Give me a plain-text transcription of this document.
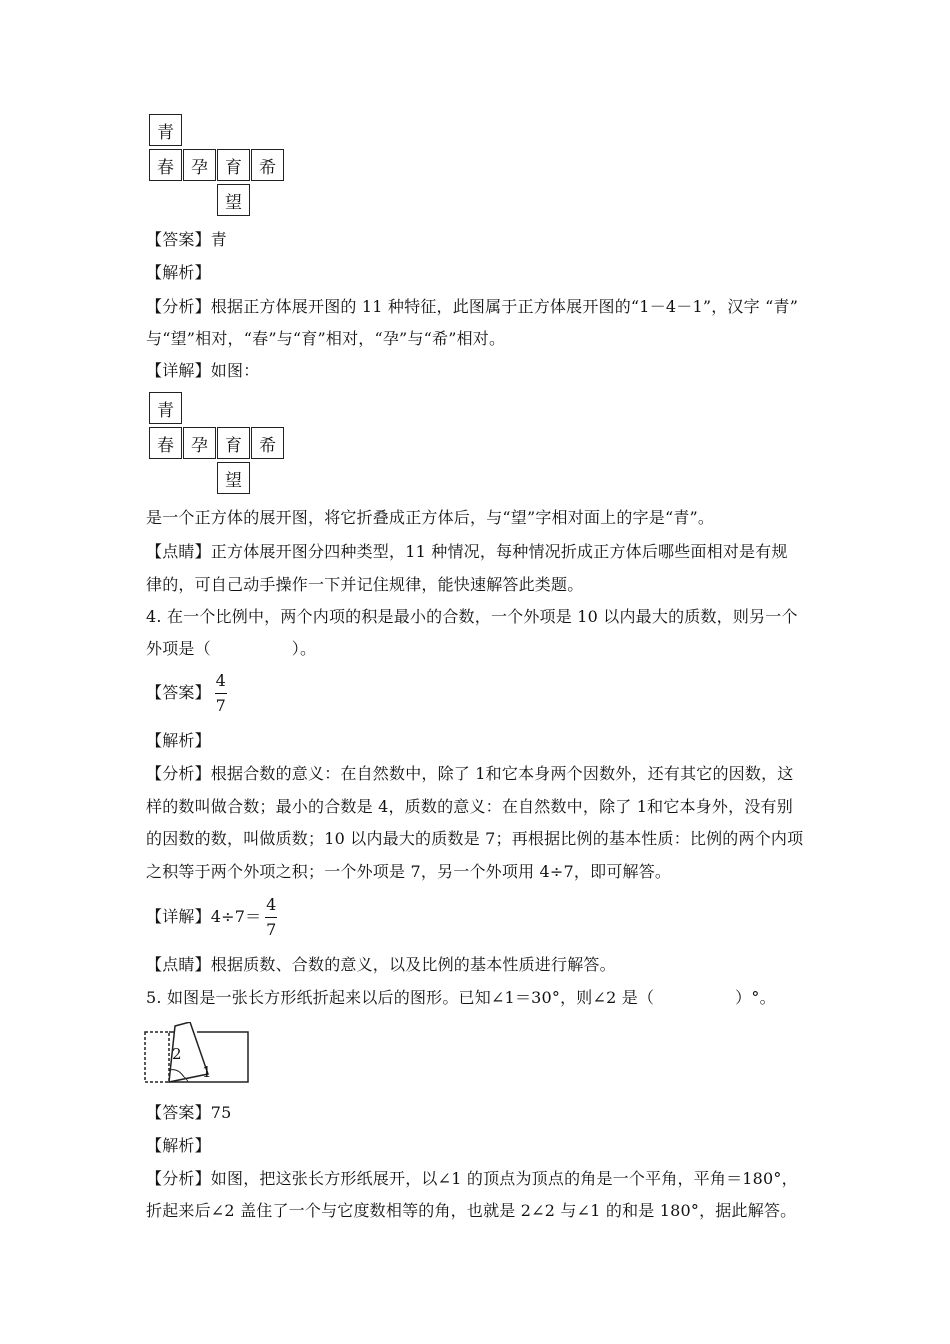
青
春	孕	育	希
望
【答案】青
【解析】
【分析】根据正方体展开图的 11 种特征，此图属于正方体展开图的“1－4－1”，汉字 “青”
与“望”相对，“春”与“育”相对，“孕”与“希”相对。
【详解】如图：
青
春	孕	育	希
望
是一个正方体的展开图，将它折叠成正方体后，与“望”字相对面上的字是“青”。
【点睛】正方体展开图分四种类型，11 种情况，每种情况折成正方体后哪些面相对是有规
律的，可自己动手操作一下并记住规律，能快速解答此类题。
4. 在一个比例中，两个内项的积是最小的合数，一个外项是 10 以内最大的质数，则另一个
外项是（　　　　　）。
【答案】 $\frac{4}{7}$
【解析】
【分析】根据合数的意义：在自然数中，除了 1和它本身两个因数外，还有其它的因数，这
样的数叫做合数；最小的合数是 4，质数的意义：在自然数中，除了 1和它本身外，没有别
的因数的数，叫做质数；10 以内最大的质数是 7；再根据比例的基本性质：比例的两个内项
之积等于两个外项之积；一个外项是 7，另一个外项用 4÷7，即可解答。
【详解】$4\div 7= \frac{4}{7}$
【点睛】根据质数、合数的意义，以及比例的基本性质进行解答。
5. 如图是一张长方形纸折起来以后的图形。已知∠1＝30°，则∠2 是（　　　　　）°。
2
1
【答案】75
【解析】
【分析】如图，把这张长方形纸展开，以∠1 的顶点为顶点的角是一个平角，平角＝180°，
折起来后∠2 盖住了一个与它度数相等的角，也就是 2∠2 与∠1 的和是 180°，据此解答。
